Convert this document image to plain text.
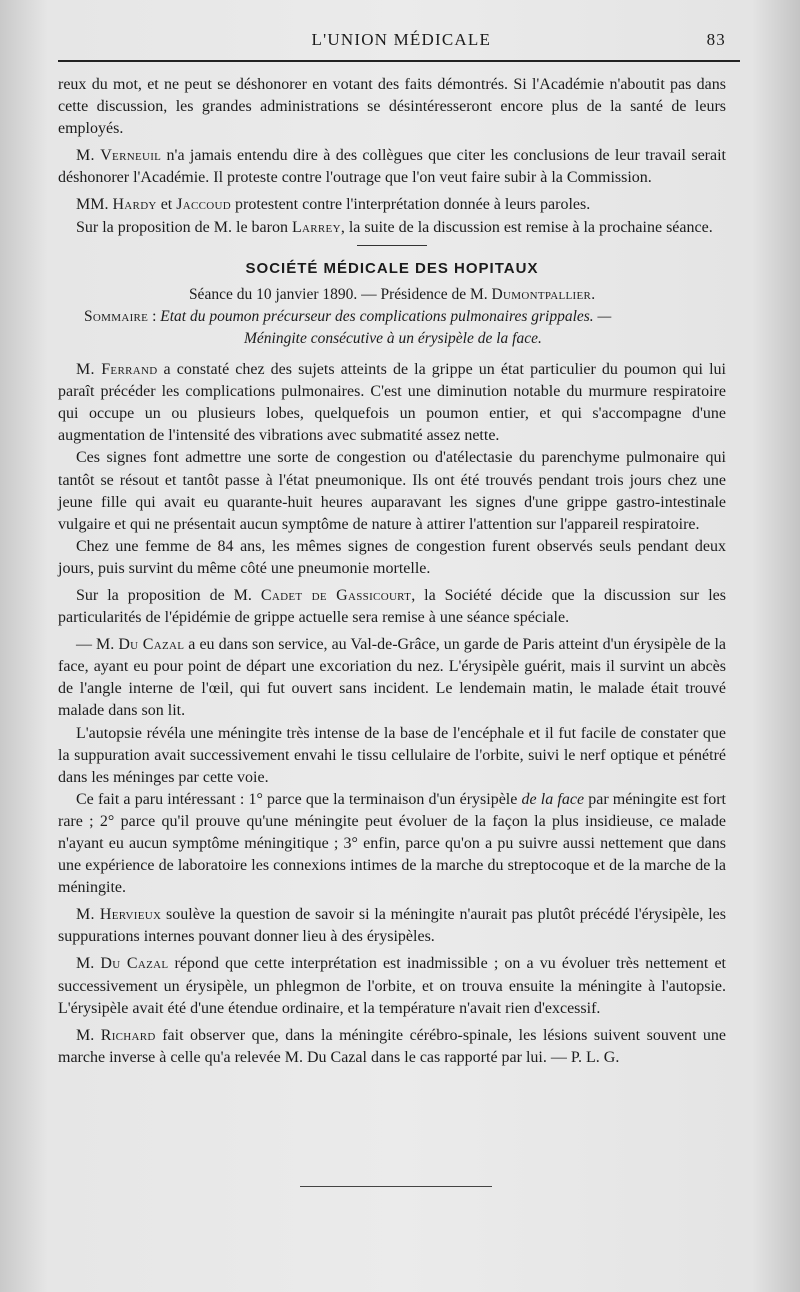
L'UNION MÉDICALE	83

reux du mot, et ne peut se déshonorer en votant des faits démontrés. Si l'Académie n'aboutit pas dans cette discussion, les grandes administrations se désintéresseront encore plus de la santé de leurs employés.

M. Verneuil n'a jamais entendu dire à des collègues que citer les conclusions de leur travail serait déshonorer l'Académie. Il proteste contre l'outrage que l'on veut faire subir à la Commission.

MM. Hardy et Jaccoud protestent contre l'interprétation donnée à leurs paroles.

Sur la proposition de M. le baron Larrey, la suite de la discussion est remise à la prochaine séance.

SOCIÉTÉ MÉDICALE DES HOPITAUX
Séance du 10 janvier 1890. — Présidence de M. Dumontpallier.
Sommaire : Etat du poumon précurseur des complications pulmonaires grippales. —
Méningite consécutive à un érysipèle de la face.

M. Ferrand a constaté chez des sujets atteints de la grippe un état particulier du poumon qui lui paraît précéder les complications pulmonaires. C'est une diminution notable du murmure respiratoire qui occupe un ou plusieurs lobes, quelquefois un poumon entier, et qui s'accompagne d'une augmentation de l'intensité des vibrations avec submatité assez nette.

Ces signes font admettre une sorte de congestion ou d'atélectasie du parenchyme pulmonaire qui tantôt se résout et tantôt passe à l'état pneumonique. Ils ont été trouvés pendant trois jours chez une jeune fille qui avait eu quarante-huit heures auparavant les signes d'une grippe gastro-intestinale vulgaire et qui ne présentait aucun symptôme de nature à attirer l'attention sur l'appareil respiratoire.

Chez une femme de 84 ans, les mêmes signes de congestion furent observés seuls pendant deux jours, puis survint du même côté une pneumonie mortelle.

Sur la proposition de M. Cadet de Gassicourt, la Société décide que la discussion sur les particularités de l'épidémie de grippe actuelle sera remise à une séance spéciale.

— M. Du Cazal a eu dans son service, au Val-de-Grâce, un garde de Paris atteint d'un érysipèle de la face, ayant eu pour point de départ une excoriation du nez. L'érysipèle guérit, mais il survint un abcès de l'angle interne de l'œil, qui fut ouvert sans incident. Le lendemain matin, le malade était trouvé malade dans son lit.

L'autopsie révéla une méningite très intense de la base de l'encéphale et il fut facile de constater que la suppuration avait successivement envahi le tissu cellulaire de l'orbite, suivi le nerf optique et pénétré dans les méninges par cette voie.

Ce fait a paru intéressant : 1° parce que la terminaison d'un érysipèle de la face par méningite est fort rare ; 2° parce qu'il prouve qu'une méningite peut évoluer de la façon la plus insidieuse, ce malade n'ayant eu aucun symptôme méningitique ; 3° enfin, parce qu'on a pu suivre aussi nettement que dans une expérience de laboratoire les connexions intimes de la marche du streptocoque et de la marche de la méningite.

M. Hervieux soulève la question de savoir si la méningite n'aurait pas plutôt précédé l'érysipèle, les suppurations internes pouvant donner lieu à des érysipèles.

M. Du Cazal répond que cette interprétation est inadmissible ; on a vu évoluer très nettement et successivement un érysipèle, un phlegmon de l'orbite, et on trouva ensuite la méningite à l'autopsie. L'érysipèle avait été d'une étendue ordinaire, et la température n'avait rien d'excessif.

M. Richard fait observer que, dans la méningite cérébro-spinale, les lésions suivent souvent une marche inverse à celle qu'a relevée M. Du Cazal dans le cas rapporté par lui. — P. L. G.
